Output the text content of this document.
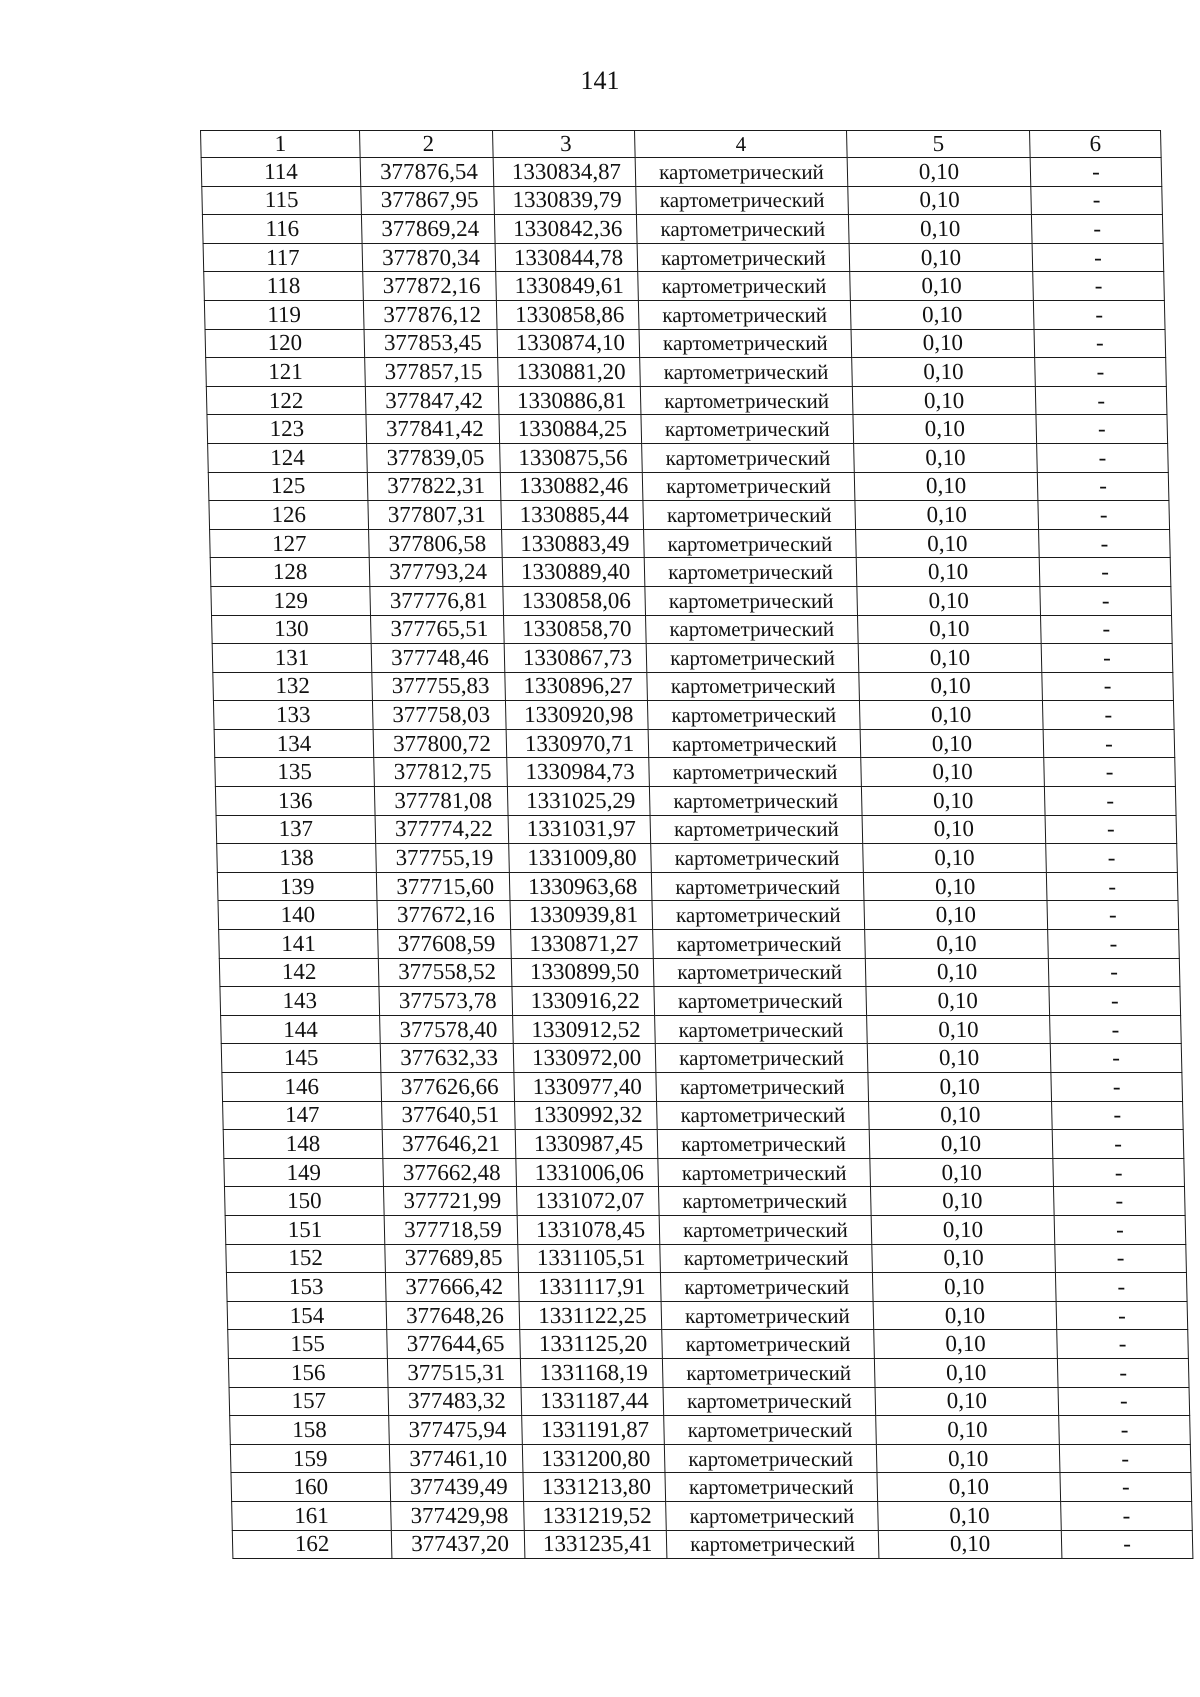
141
1	2	3	4	5	6
114	377876,54	1330834,87	картометрический	0,10	-
115	377867,95	1330839,79	картометрический	0,10	-
116	377869,24	1330842,36	картометрический	0,10	-
117	377870,34	1330844,78	картометрический	0,10	-
118	377872,16	1330849,61	картометрический	0,10	-
119	377876,12	1330858,86	картометрический	0,10	-
120	377853,45	1330874,10	картометрический	0,10	-
121	377857,15	1330881,20	картометрический	0,10	-
122	377847,42	1330886,81	картометрический	0,10	-
123	377841,42	1330884,25	картометрический	0,10	-
124	377839,05	1330875,56	картометрический	0,10	-
125	377822,31	1330882,46	картометрический	0,10	-
126	377807,31	1330885,44	картометрический	0,10	-
127	377806,58	1330883,49	картометрический	0,10	-
128	377793,24	1330889,40	картометрический	0,10	-
129	377776,81	1330858,06	картометрический	0,10	-
130	377765,51	1330858,70	картометрический	0,10	-
131	377748,46	1330867,73	картометрический	0,10	-
132	377755,83	1330896,27	картометрический	0,10	-
133	377758,03	1330920,98	картометрический	0,10	-
134	377800,72	1330970,71	картометрический	0,10	-
135	377812,75	1330984,73	картометрический	0,10	-
136	377781,08	1331025,29	картометрический	0,10	-
137	377774,22	1331031,97	картометрический	0,10	-
138	377755,19	1331009,80	картометрический	0,10	-
139	377715,60	1330963,68	картометрический	0,10	-
140	377672,16	1330939,81	картометрический	0,10	-
141	377608,59	1330871,27	картометрический	0,10	-
142	377558,52	1330899,50	картометрический	0,10	-
143	377573,78	1330916,22	картометрический	0,10	-
144	377578,40	1330912,52	картометрический	0,10	-
145	377632,33	1330972,00	картометрический	0,10	-
146	377626,66	1330977,40	картометрический	0,10	-
147	377640,51	1330992,32	картометрический	0,10	-
148	377646,21	1330987,45	картометрический	0,10	-
149	377662,48	1331006,06	картометрический	0,10	-
150	377721,99	1331072,07	картометрический	0,10	-
151	377718,59	1331078,45	картометрический	0,10	-
152	377689,85	1331105,51	картометрический	0,10	-
153	377666,42	1331117,91	картометрический	0,10	-
154	377648,26	1331122,25	картометрический	0,10	-
155	377644,65	1331125,20	картометрический	0,10	-
156	377515,31	1331168,19	картометрический	0,10	-
157	377483,32	1331187,44	картометрический	0,10	-
158	377475,94	1331191,87	картометрический	0,10	-
159	377461,10	1331200,80	картометрический	0,10	-
160	377439,49	1331213,80	картометрический	0,10	-
161	377429,98	1331219,52	картометрический	0,10	-
162	377437,20	1331235,41	картометрический	0,10	-
